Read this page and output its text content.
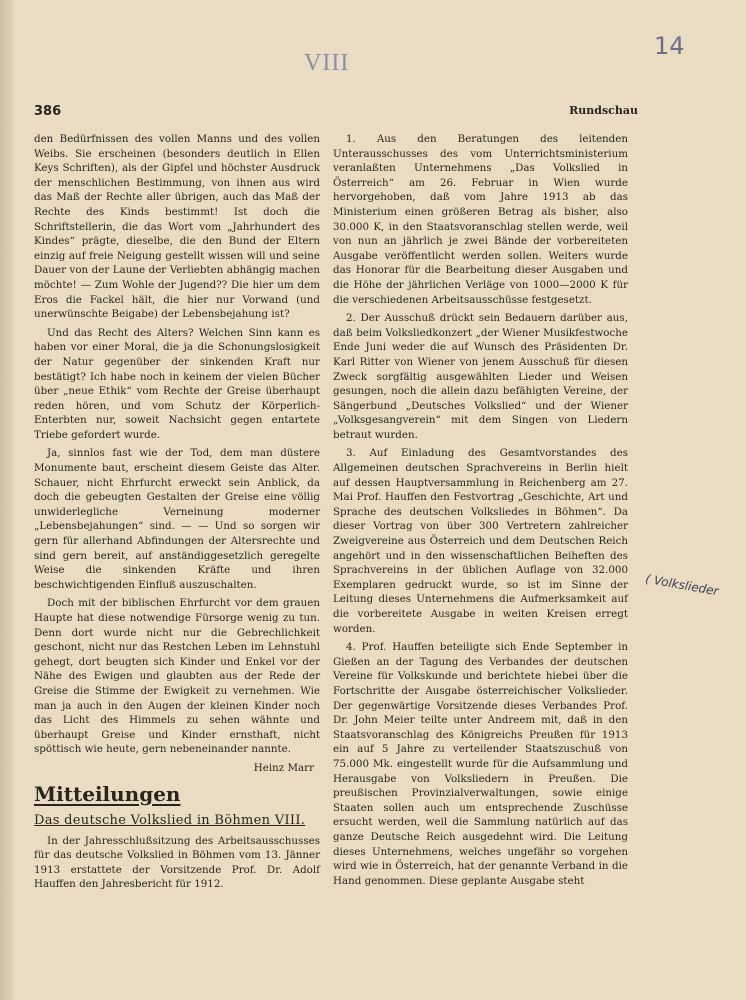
VIII
14
386	Rundschau

den Bedürfnissen des vollen Manns und des vollen Weibs. Sie erscheinen (besonders deutlich in Ellen Keys Schriften), als der Gipfel und höchster Ausdruck der menschlichen Bestimmung, von ihnen aus wird das Maß der Rechte aller übrigen, auch das Maß der Rechte des Kinds bestimmt! Ist doch die Schriftstellerin, die das Wort vom „Jahrhundert des Kindes“ prägte, dieselbe, die den Bund der Eltern einzig auf freie Neigung gestellt wissen will und seine Dauer von der Laune der Verliebten abhängig machen möchte! — Zum Wohle der Jugend?? Die hier um dem Eros die Fackel hält, die hier nur Vorwand (und unerwünschte Beigabe) der Lebensbejahung ist?

Und das Recht des Alters? Welchen Sinn kann es haben vor einer Moral, die ja die Schonungslosigkeit der Natur gegenüber der sinkenden Kraft nur bestätigt? Ich habe noch in keinem der vielen Bücher über „neue Ethik“ vom Rechte der Greise überhaupt reden hören, und vom Schutz der Körperlich-Enterbten nur, soweit Nachsicht gegen entartete Triebe gefordert wurde.

Ja, sinnlos fast wie der Tod, dem man düstere Monumente baut, erscheint diesem Geiste das Alter. Schauer, nicht Ehrfurcht erweckt sein Anblick, da doch die gebeugten Gestalten der Greise eine völlig unwiderlegliche Verneinung moderner „Lebensbejahungen“ sind. — — Und so sorgen wir gern für allerhand Abfindungen der Altersrechte und sind gern bereit, auf anständiggesetzlich geregelte Weise die sinkenden Kräfte und ihren beschwichtigenden Einfluß auszuschalten.

Doch mit der biblischen Ehrfurcht vor dem grauen Haupte hat diese notwendige Fürsorge wenig zu tun. Denn dort wurde nicht nur die Gebrechlichkeit geschont, nicht nur das Restchen Leben im Lehnstuhl gehegt, dort beugten sich Kinder und Enkel vor der Nähe des Ewigen und glaubten aus der Rede der Greise die Stimme der Ewigkeit zu vernehmen. Wie man ja auch in den Augen der kleinen Kinder noch das Licht des Himmels zu sehen wähnte und überhaupt Greise und Kinder ernsthaft, nicht spöttisch wie heute, gern nebeneinander nannte.

Heinz Marr
Mitteilungen
Das deutsche Volkslied in Böhmen VIII.

In der Jahresschlußsitzung des Arbeitsausschusses für das deutsche Volkslied in Böhmen vom 13. Jänner 1913 erstattete der Vorsitzende Prof. Dr. Adolf Hauffen den Jahresbericht für 1912.

1. Aus den Beratungen des leitenden Unterausschusses des vom Unterrichtsministerium veranlaßten Unternehmens „Das Volkslied in Österreich“ am 26. Februar in Wien wurde hervorgehoben, daß vom Jahre 1913 ab das Ministerium einen größeren Betrag als bisher, also 30.000 K, in den Staatsvoranschlag stellen werde, weil von nun an jährlich je zwei Bände der vorbereiteten Ausgabe veröffentlicht werden sollen. Weiters wurde das Honorar für die Bearbeitung dieser Ausgaben und die Höhe der jährlichen Verläge von 1000—2000 K für die verschiedenen Arbeitsausschüsse festgesetzt.

2. Der Ausschuß drückt sein Bedauern darüber aus, daß beim Volksliedkonzert „der Wiener Musikfestwoche Ende Juni weder die auf Wunsch des Präsidenten Dr. Karl Ritter von Wiener von jenem Ausschuß für diesen Zweck sorgfältig ausgewählten Lieder und Weisen gesungen, noch die allein dazu befähigten Vereine, der Sängerbund „Deutsches Volkslied“ und der Wiener „Volksgesangverein“ mit dem Singen von Liedern betraut wurden.

3. Auf Einladung des Gesamtvorstandes des Allgemeinen deutschen Sprachvereins in Berlin hielt auf dessen Hauptversammlung in Reichenberg am 27. Mai Prof. Hauffen den Festvortrag „Geschichte, Art und Sprache des deutschen Volksliedes in Böhmen“. Da dieser Vortrag von über 300 Vertretern zahlreicher Zweigvereine aus Österreich und dem Deutschen Reich angehört und in den wissenschaftlichen Beiheften des Sprachvereins in der üblichen Auflage von 32.000 Exemplaren gedruckt wurde, so ist im Sinne der Leitung dieses Unternehmens die Aufmerksamkeit auf die vorbereitete Ausgabe in weiten Kreisen erregt worden.

4. Prof. Hauffen beteiligte sich Ende September in Gießen an der Tagung des Verbandes der deutschen Vereine für Volkskunde und berichtete hiebei über die Fortschritte der Ausgabe österreichischer Volkslieder. Der gegenwärtige Vorsitzende dieses Verbandes Prof. Dr. John Meier teilte unter Andreem mit, daß in den Staatsvoranschlag des Königreichs Preußen für 1913 ein auf 5 Jahre zu verteilender Staatszuschuß von 75.000 Mk. eingestellt wurde für die Aufsammlung und Herausgabe von Volksliedern in Preußen. Die preußischen Provinzialverwaltungen, sowie einige Staaten sollen auch um entsprechende Zuschüsse ersucht werden, weil die Sammlung natürlich auf das ganze Deutsche Reich ausgedehnt wird. Die Leitung dieses Unternehmens, welches ungefähr so vorgehen wird wie in Österreich, hat der genannte Verband in die Hand genommen. Diese geplante Ausgabe steht

( Volkslieder
